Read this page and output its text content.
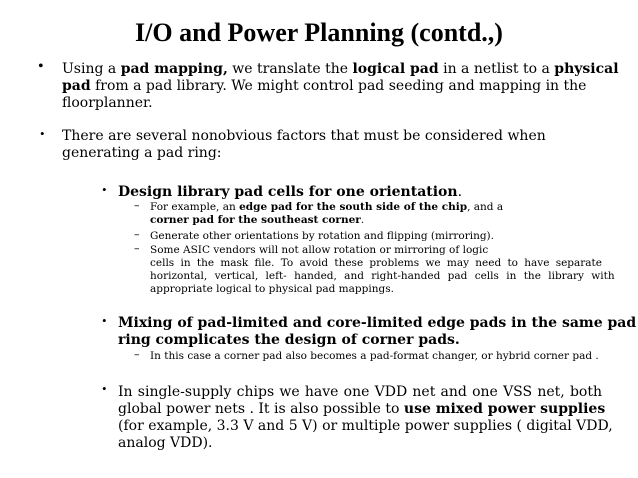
I/O and Power Planning (contd.,)
• Using a pad mapping, we translate the logical pad in a netlist to a physical
pad from a pad library. We might control pad seeding and mapping in the
floorplanner.
• There are several nonobvious factors that must be considered when
generating a pad ring:
• Design library pad cells for one orientation.
– For example, an edge pad for the south side of the chip, and a
corner pad for the southeast corner.
– Generate other orientations by rotation and flipping (mirroring).
– Some ASIC vendors will not allow rotation or mirroring of logic
cells in the mask file. To avoid these problems we may need to have separate
horizontal, vertical, left- handed, and right-handed pad cells in the library with
appropriate logical to physical pad mappings.
• Mixing of pad-limited and core-limited edge pads in the same pad
ring complicates the design of corner pads.
– In this case a corner pad also becomes a pad-format changer, or hybrid corner pad .
• In single-supply chips we have one VDD net and one VSS net, both
global power nets . It is also possible to use mixed power supplies
(for example, 3.3 V and 5 V) or multiple power supplies ( digital VDD,
analog VDD).
